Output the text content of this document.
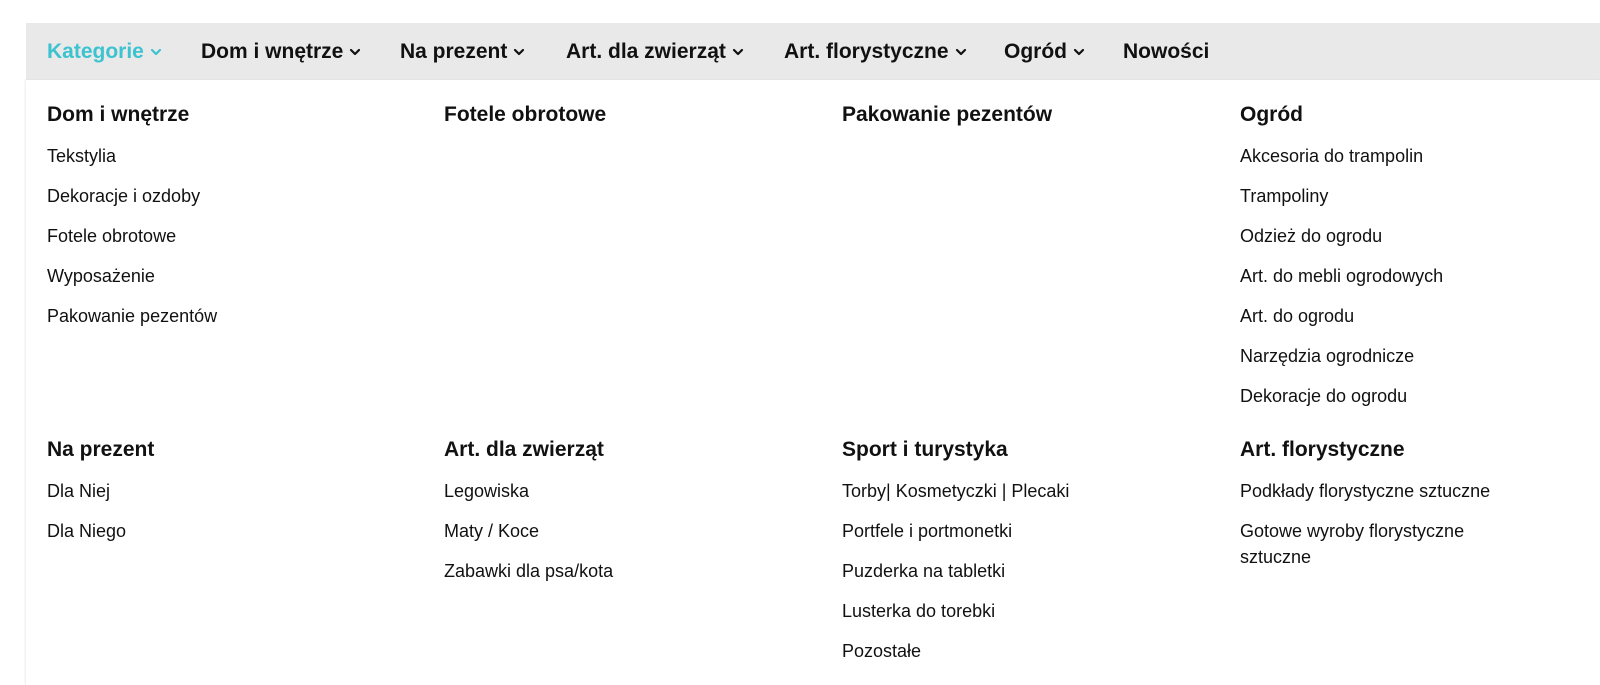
Kategorie	Dom i wnętrze	Na prezent	Art. dla zwierząt	Art. florystyczne	Ogród	Nowości
Dom i wnętrze
Tekstylia
Dekoracje i ozdoby
Fotele obrotowe
Wyposażenie
Pakowanie pezentów
Fotele obrotowe	Pakowanie pezentów	Ogród
Akcesoria do trampolin
Trampoliny
Odzież do ogrodu
Art. do mebli ogrodowych
Art. do ogrodu
Narzędzia ogrodnicze
Dekoracje do ogrodu
Na prezent
Dla Niej
Dla Niego
Art. dla zwierząt
Legowiska
Maty / Koce
Zabawki dla psa/kota
Sport i turystyka
Torby| Kosmetyczki | Plecaki
Portfele i portmonetki
Puzderka na tabletki
Lusterka do torebki
Pozostałe
Art. florystyczne
Podkłady florystyczne sztuczne
Gotowe wyroby florystyczne sztuczne
